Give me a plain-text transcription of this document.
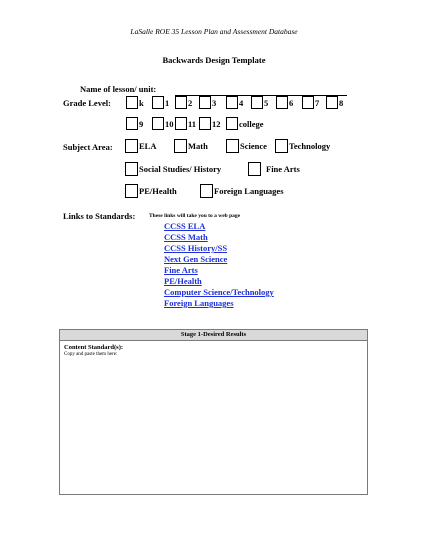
LaSalle ROE 35 Lesson Plan and Assessment Database
Backwards Design Template
Name of lesson/ unit:
Grade Level:	k	1 2 3	4 5 6	7 8
9	10 11 12 college
Subject Area:	ELA	Math	Science	Technology
Social Studies/ History	Fine Arts
PE/Health	Foreign Languages
Links to Standards: These links will take you to a web page
CCSS ELA
CCSS Math
CCSS History/SS
Next Gen Science
Fine Arts
PE/Health
Computer Science/Technology
Foreign Languages
Stage 1-Desired Results
Content Standard(s):
Copy and paste them here:
